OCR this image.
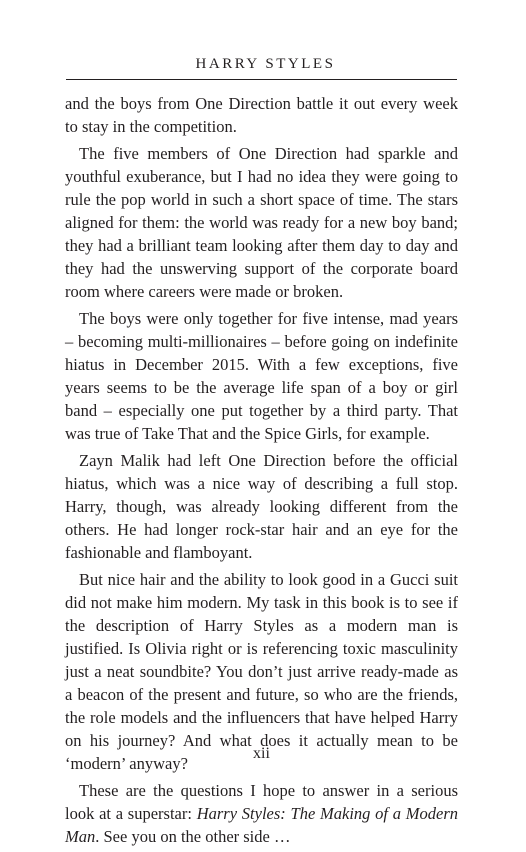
HARRY STYLES

and the boys from One Direction battle it out every week to stay in the competition.

The five members of One Direction had sparkle and youthful exuberance, but I had no idea they were going to rule the pop world in such a short space of time. The stars aligned for them: the world was ready for a new boy band; they had a brilliant team looking after them day to day and they had the unswerving support of the corporate board room where careers were made or broken.

The boys were only together for five intense, mad years – becoming multi-millionaires – before going on indefinite hiatus in December 2015. With a few exceptions, five years seems to be the average life span of a boy or girl band – especially one put together by a third party. That was true of Take That and the Spice Girls, for example.

Zayn Malik had left One Direction before the official hiatus, which was a nice way of describing a full stop. Harry, though, was already looking different from the others. He had longer rock-star hair and an eye for the fashionable and flamboyant.

But nice hair and the ability to look good in a Gucci suit did not make him modern. My task in this book is to see if the description of Harry Styles as a modern man is justified. Is Olivia right or is referencing toxic masculinity just a neat soundbite? You don’t just arrive ready-made as a beacon of the present and future, so who are the friends, the role models and the influencers that have helped Harry on his journey? And what does it actually mean to be ‘modern’ anyway?

These are the questions I hope to answer in a serious look at a superstar: Harry Styles: The Making of a Modern Man. See you on the other side …

xii
